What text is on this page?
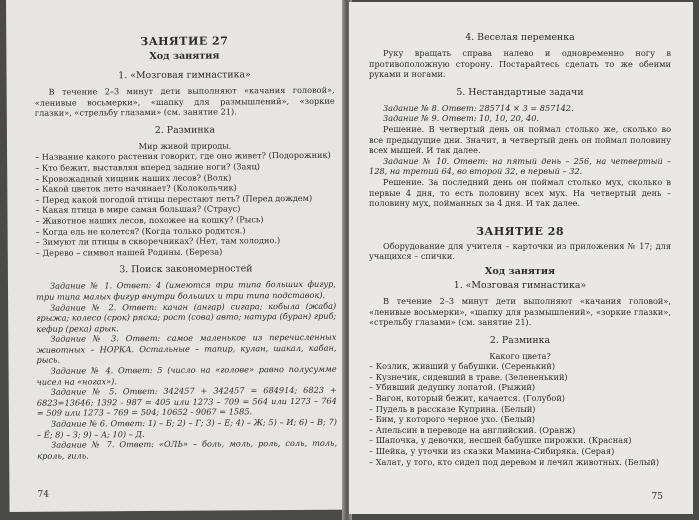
ЗАНЯТИЕ 27
Ход занятия
1. «Мозговая гимнастика»

В течение 2–3 минут дети выполняют «качания головой», «ленивые восьмерки», «шапку для размышлений», «зоркие глазки», «стрельбу глазами» (см. занятие 21).

2. Разминка
Мир живой природы.

– Название какого растения говорит, где оно живет? (Подорожник)

– Кто бежит, выставляя вперед задние ноги? (Заяц)

– Кровожадный хищник наших лесов? (Волк)

– Какой цветок лето начинает? (Колокольчик)

– Перед какой погодой птицы перестают петь? (Перед дождем)

– Какая птица в мире самая большая? (Страус)

– Животное наших лесов, похожее на кошку? (Рысь)

– Когда ель не колется? (Когда только родится.)

– Зимуют ли птицы в скворечниках? (Нет, там холодно.)

– Дерево – символ нашей Родины. (Береза)

3. Поиск закономерностей

Задание № 1. Ответ: 4 (имеются три типа больших фигур, три типа малых фигур внутри больших и три типа подставок).

Задание № 2. Ответ: качан (ангар) сигара; кобыла (жаба) грыжа; колесо (срок) ряска; рост (сова) авто; натура (буран) гриб; кефир (река) арык.

Задание № 3. Ответ: самое маленькое из перечисленных животных – НОРКА. Остальные – тапир, кулан, шакал, кабан, рысь.

Задание № 4. Ответ: 5 (число на «голове» равно полусумме чисел на «ногах»).

Задание № 5. Ответ: 342457 + 342457 = 684914; 6823 + 6823=13646; 1392 - 987 = 405 или 1273 – 709 = 564 или 1273 – 764 = 509 или 1273 – 769 = 504; 10652 - 9067 = 1585.

Задание № 6. Ответ: 1) – Б; 2) – Г; 3) – Е; 4) – Ж; 5) – И; 6) – В; 7) – Ё; 8) – З; 9) – А; 10) – Д.

Задание № 7. Ответ: «ОЛЬ» – боль, моль, роль, соль, толь, кроль, гиль.

74
4. Веселая переменка

Руку вращать справа налево и одновременно ногу в противоположную сторону. Постарайтесь сделать то же обеими руками и ногами.

5. Нестандартные задачи

Задание № 8. Ответ: 285714 × 3 = 857142.

Задание № 9. Ответ: 10, 10, 20, 40.

Решение. В четвертый день он поймал столько же, сколько во все предыдущие дни. Значит, в четвертый день он поймал половину всех мышей. И так далее.

Задание № 10. Ответ: на пятый день – 256, на четвертый – 128, на третий 64, во второй 32, в первый – 32.

Решение. За последний день он поймал столько мух, сколько в первые 4 дня, то есть половину всех мух. На четвертый день – половину мух, пойманных за 4 дня. И так далее.

ЗАНЯТИЕ 28

Оборудование для учителя – карточки из приложения № 17; для учащихся – спички.

Ход занятия
1. «Мозговая гимнастика»

В течение 2–3 минут дети выполняют «качания головой», «ленивые восьмерки», «шапку для размышлений», «зоркие глазки», «стрельбу глазами» (см. занятие 21).

2. Разминка
Какого цвета?

– Козлик, живший у бабушки. (Серенький)

– Кузнечик, сидевший в траве. (Зелененький)

– Убивший дедушку лопатой. (Рыжий)

– Вагон, который бежит, качается. (Голубой)

– Пудель в рассказе Куприна. (Белый)

– Бим, у которого черное ухо. (Белый)

– Апельсин в переводе на английский. (Оранж)

– Шапочка, у девочки, несшей бабушке пирожки. (Красная)

– Шейка, у уточки из сказки Мамина-Сибиряка. (Серая)

– Халат, у того, кто сидел под деревом и лечил животных. (Белый)

75
